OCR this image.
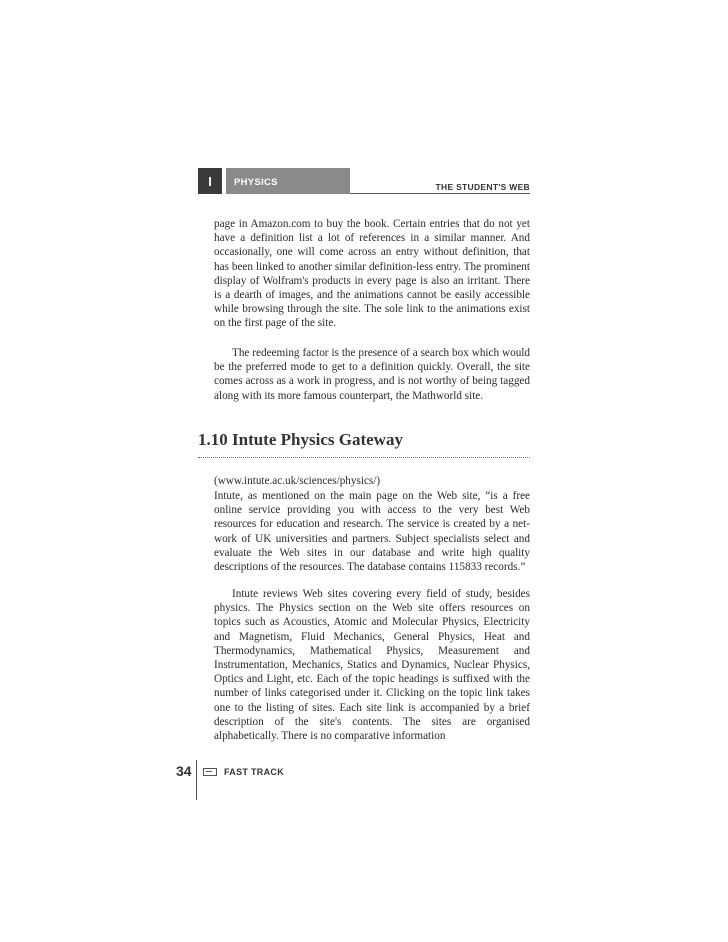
I	PHYSICS	THE STUDENT'S WEB

page in Amazon.com to buy the book. Certain entries that do not yet have a definition list a lot of references in a similar manner. And occasionally, one will come across an entry without definition, that has been linked to another similar definition-less entry. The prominent display of Wolfram's products in every page is also an irritant. There is a dearth of images, and the animations cannot be easily accessible while browsing through the site. The sole link to the animations exist on the first page of the site.

The redeeming factor is the presence of a search box which would be the preferred mode to get to a definition quickly. Overall, the site comes across as a work in progress, and is not worthy of being tagged along with its more famous counterpart, the Mathworld site.

1.10 Intute Physics Gateway

(www.intute.ac.uk/sciences/physics/)

Intute, as mentioned on the main page on the Web site, “is a free online service providing you with access to the very best Web resources for education and research. The service is created by a network of UK universities and partners. Subject specialists select and evaluate the Web sites in our database and write high quality descriptions of the resources. The database contains 115833 records.”

Intute reviews Web sites covering every field of study, besides physics. The Physics section on the Web site offers resources on topics such as Acoustics, Atomic and Molecular Physics, Electricity and Magnetism, Fluid Mechanics, General Physics, Heat and Thermodynamics, Mathematical Physics, Measurement and Instrumentation, Mechanics, Statics and Dynamics, Nuclear Physics, Optics and Light, etc. Each of the topic headings is suffixed with the number of links categorised under it. Clicking on the topic link takes one to the listing of sites. Each site link is accompanied by a brief description of the site's contents. The sites are organised alphabetically. There is no comparative information

34	FAST TRACK
